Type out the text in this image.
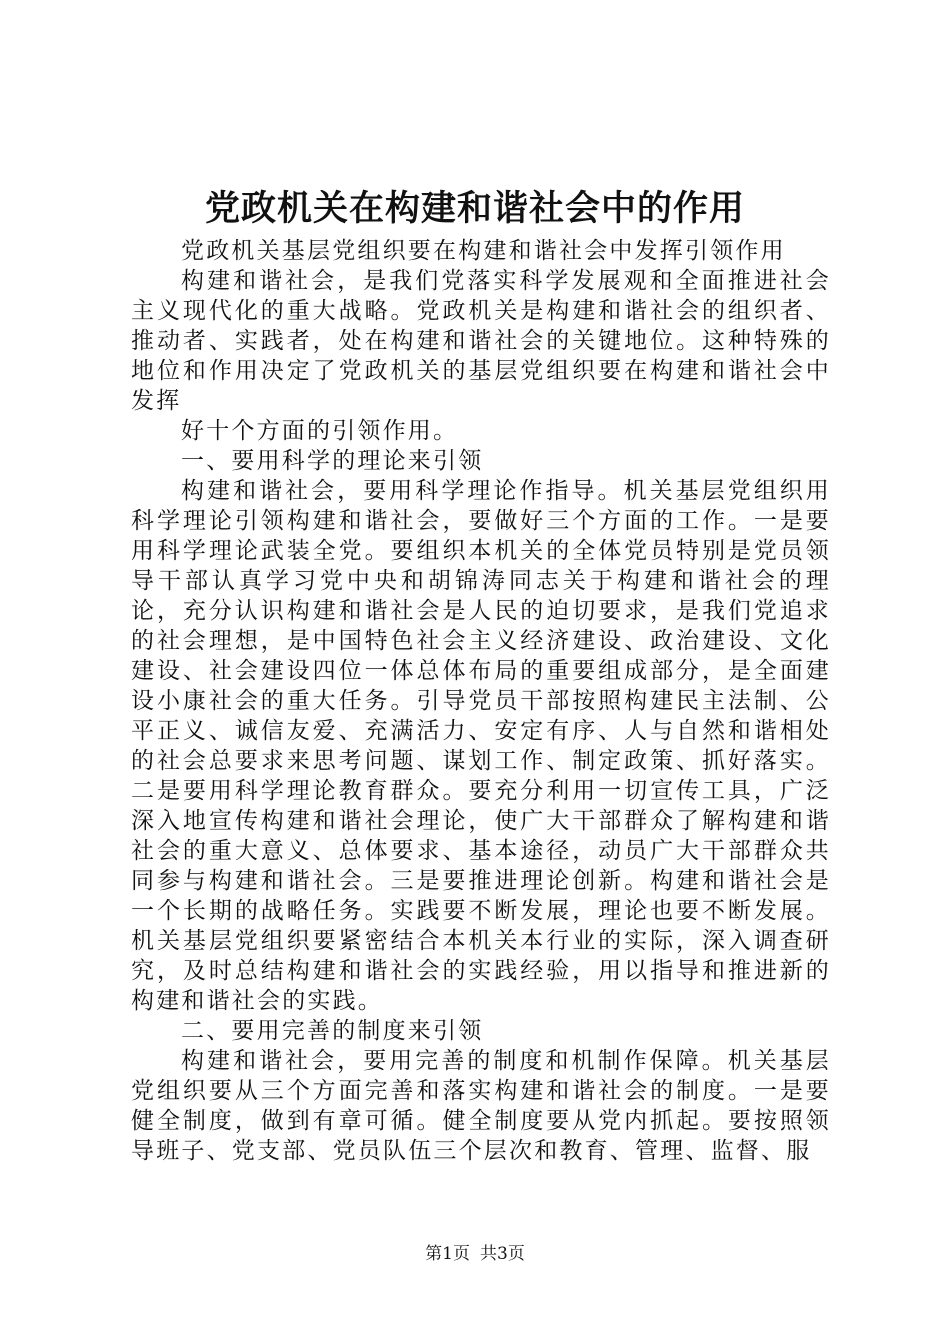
党政机关在构建和谐社会中的作用

党政机关基层党组织要在构建和谐社会中发挥引领作用

构建和谐社会，是我们党落实科学发展观和全面推进社会主义现代化的重大战略。党政机关是构建和谐社会的组织者、推动者、实践者，处在构建和谐社会的关键地位。这种特殊的地位和作用决定了党政机关的基层党组织要在构建和谐社会中发挥

好十个方面的引领作用。

一、要用科学的理论来引领

构建和谐社会，要用科学理论作指导。机关基层党组织用科学理论引领构建和谐社会，要做好三个方面的工作。一是要用科学理论武装全党。要组织本机关的全体党员特别是党员领导干部认真学习党中央和胡锦涛同志关于构建和谐社会的理论，充分认识构建和谐社会是人民的迫切要求，是我们党追求的社会理想，是中国特色社会主义经济建设、政治建设、文化建设、社会建设四位一体总体布局的重要组成部分，是全面建设小康社会的重大任务。引导党员干部按照构建民主法制、公平正义、诚信友爱、充满活力、安定有序、人与自然和谐相处的社会总要求来思考问题、谋划工作、制定政策、抓好落实。二是要用科学理论教育群众。要充分利用一切宣传工具，广泛深入地宣传构建和谐社会理论，使广大干部群众了解构建和谐社会的重大意义、总体要求、基本途径，动员广大干部群众共同参与构建和谐社会。三是要推进理论创新。构建和谐社会是一个长期的战略任务。实践要不断发展，理论也要不断发展。机关基层党组织要紧密结合本机关本行业的实际，深入调查研究，及时总结构建和谐社会的实践经验，用以指导和推进新的构建和谐社会的实践。

二、要用完善的制度来引领

构建和谐社会，要用完善的制度和机制作保障。机关基层党组织要从三个方面完善和落实构建和谐社会的制度。一是要健全制度，做到有章可循。健全制度要从党内抓起。要按照领导班子、党支部、党员队伍三个层次和教育、管理、监督、服

第1页 共3页
